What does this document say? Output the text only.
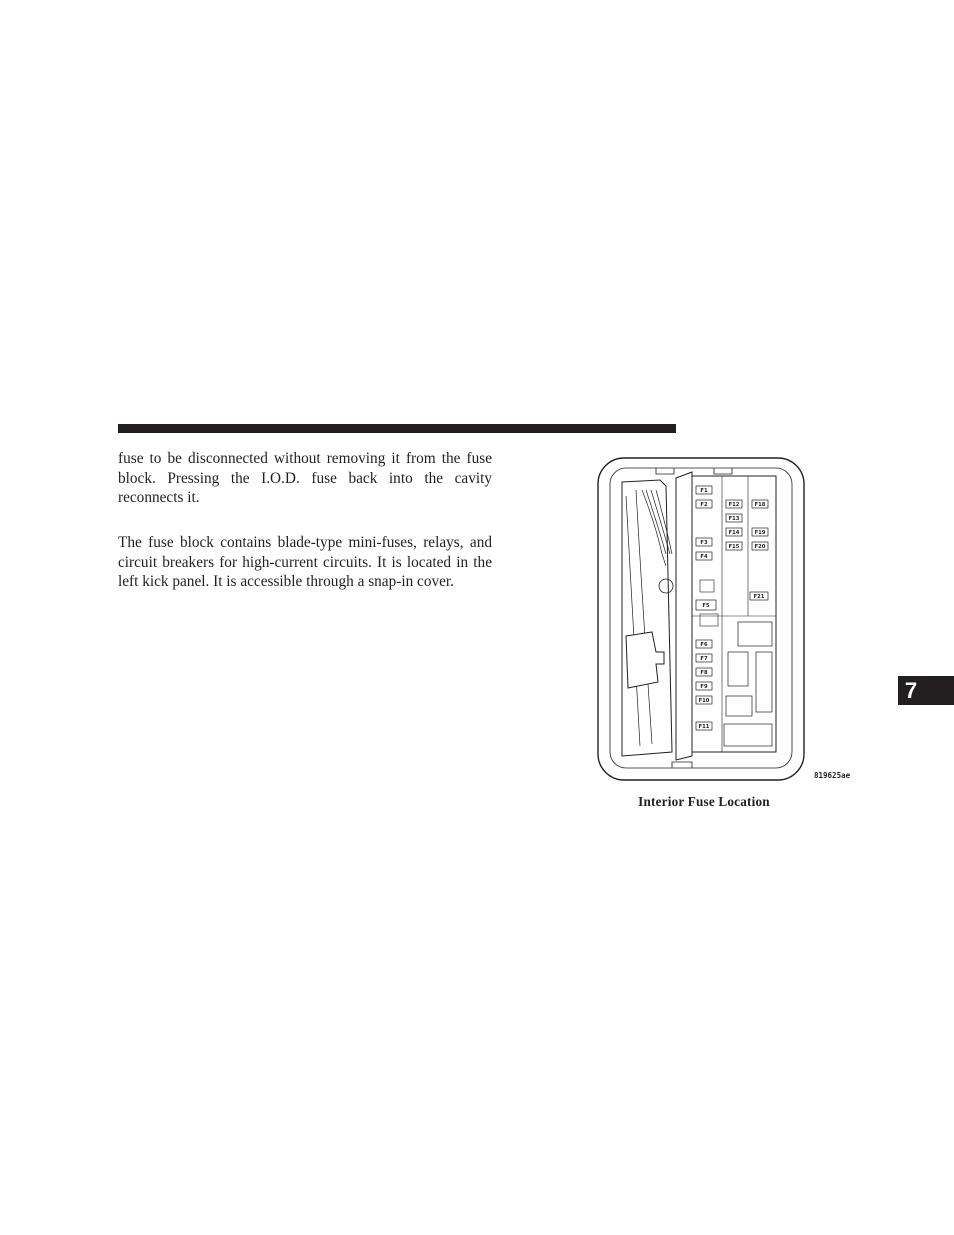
fuse to be disconnected without removing it from the fuse block. Pressing the I.O.D. fuse back into the cavity reconnects it.

The fuse block contains blade-type mini-fuses, relays, and circuit breakers for high-current circuits. It is located in the left kick panel. It is accessible through a snap-in cover.

F1
F2
F3
F4
F5
F6
F7
F8
F9
F10
F11
F12
F13
F14
F15
F18
F19
F20
F21
819625ae
Interior Fuse Location
7
